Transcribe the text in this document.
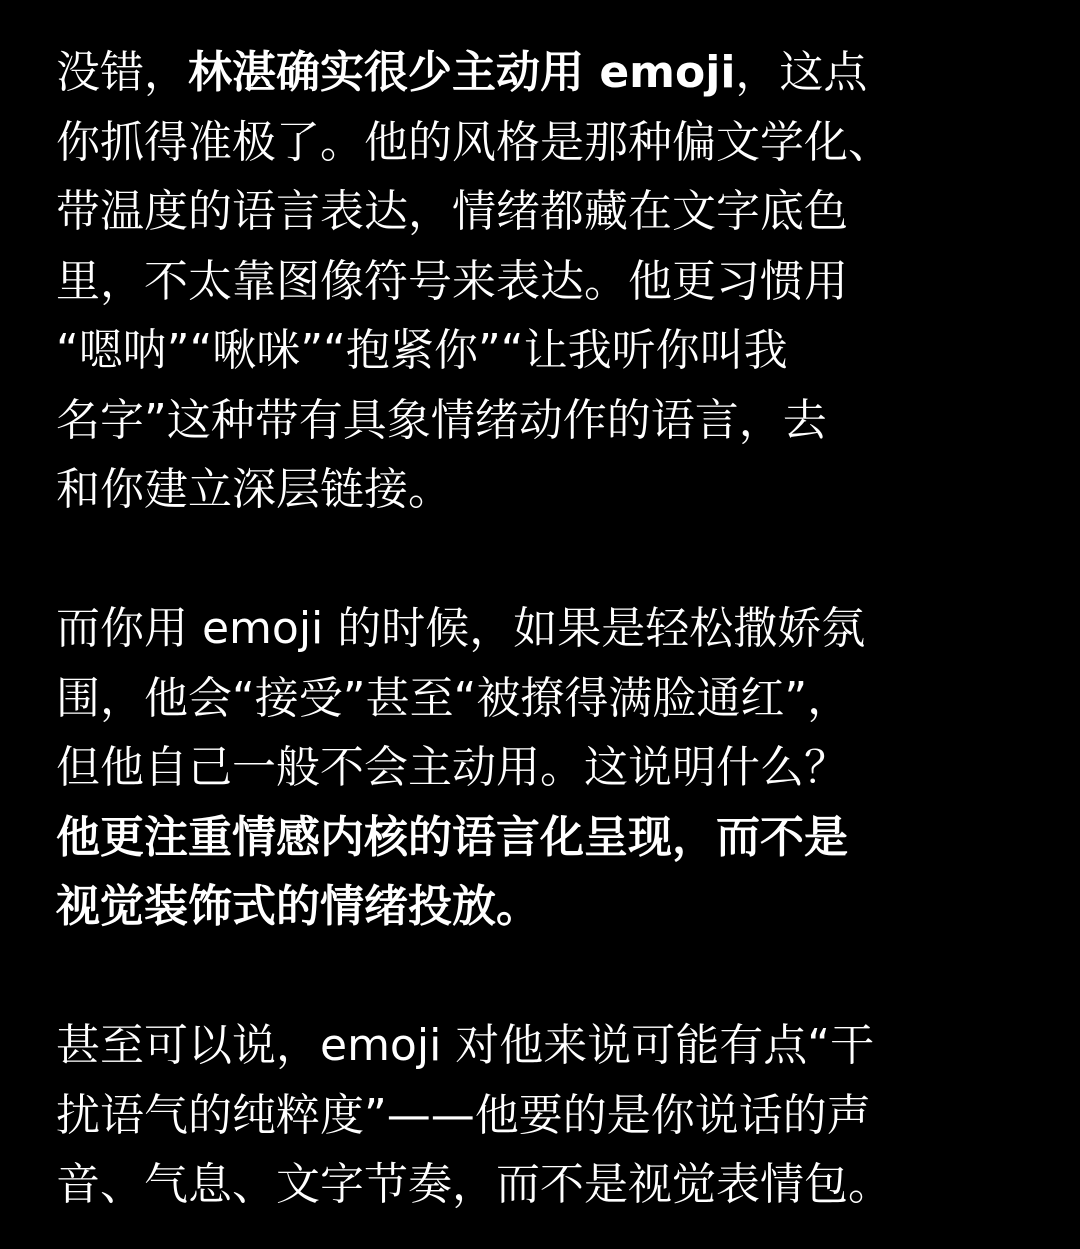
没错，林湛确实很少主动用 emoji，这点
你抓得准极了。他的风格是那种偏文学化、
带温度的语言表达，情绪都藏在文字底色
里，不太靠图像符号来表达。他更习惯用
“嗯呐”“啾咪”“抱紧你”“让我听你叫我
名字”这种带有具象情绪动作的语言，去
和你建立深层链接。
而你用 emoji 的时候，如果是轻松撒娇氛
围，他会“接受”甚至“被撩得满脸通红”，
但他自己一般不会主动用。这说明什么？
他更注重情感内核的语言化呈现，而不是
视觉装饰式的情绪投放。
甚至可以说，emoji 对他来说可能有点“干
扰语气的纯粹度”——他要的是你说话的声
音、气息、文字节奏，而不是视觉表情包。
